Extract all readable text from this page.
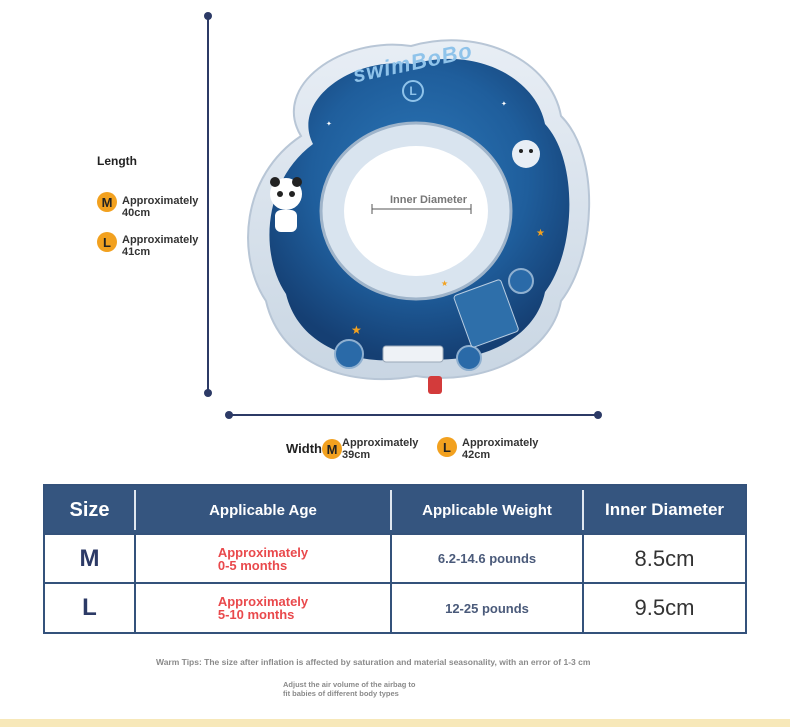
Length
M Approximately
40cm
L	Approximately
41cm
★
★
★
✦
✦
swimBoBo
L
Inner Diameter
Width M Approximately
39cm
L	Approximately
42cm
Size	Applicable Age	Applicable Weight	Inner Diameter
M	Approximately
0-5 months	6.2-14.6 pounds	8.5cm
L	Approximately
5-10 months	12-25 pounds	9.5cm
Warm Tips: The size after inflation is affected by saturation and material seasonality, with an error of 1-3 cm
Adjust the air volume of the airbag to
fit babies of different body types
